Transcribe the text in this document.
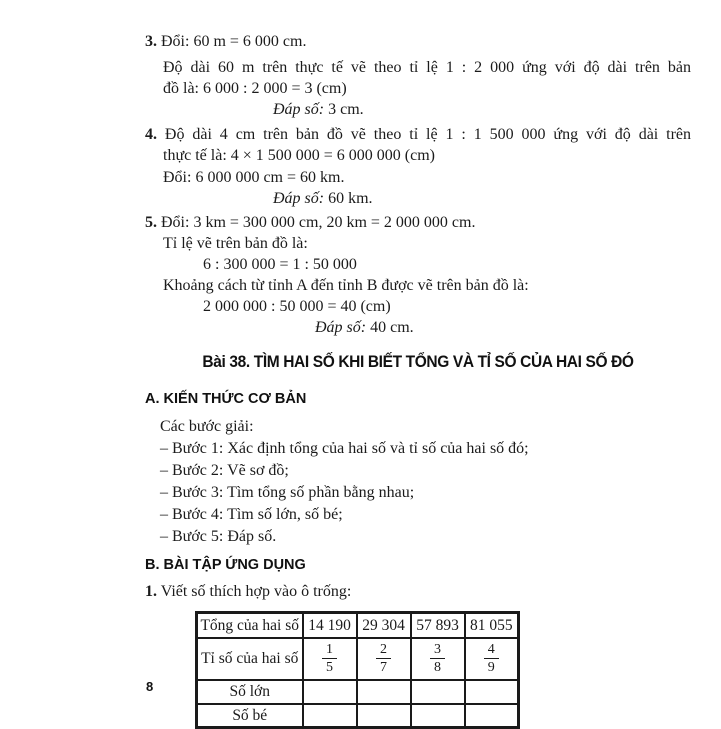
3. Đổi: 60 m = 6 000 cm.
Độ dài 60 m trên thực tế vẽ theo tỉ lệ 1 : 2 000 ứng với độ dài trên bản
đồ là: 6 000 : 2 000 = 3 (cm)
Đáp số: 3 cm.
4. Độ dài 4 cm trên bản đồ vẽ theo tỉ lệ 1 : 1 500 000 ứng với độ dài trên
thực tế là: 4 × 1 500 000 = 6 000 000 (cm)
Đổi: 6 000 000 cm = 60 km.
Đáp số: 60 km.
5. Đổi: 3 km = 300 000 cm, 20 km = 2 000 000 cm.
Tỉ lệ vẽ trên bản đồ là:
6 : 300 000 = 1 : 50 000
Khoảng cách từ tỉnh A đến tỉnh B được vẽ trên bản đồ là:
2 000 000 : 50 000 = 40 (cm)
Đáp số: 40 cm.
Bài 38. TÌM HAI SỐ KHI BIẾT TỔNG VÀ TỈ SỐ CỦA HAI SỐ ĐÓ
A. KIẾN THỨC CƠ BẢN
Các bước giải:
– Bước 1: Xác định tổng của hai số và tỉ số của hai số đó;
– Bước 2: Vẽ sơ đồ;
– Bước 3: Tìm tổng số phần bằng nhau;
– Bước 4: Tìm số lớn, số bé;
– Bước 5: Đáp số.
B. BÀI TẬP ỨNG DỤNG
1. Viết số thích hợp vào ô trống:
Tổng của hai số	14 190	29 304	57 893	81 055
Tỉ số của hai số	$\frac{1}{5}$	$\frac{2}{7}$	$\frac{3}{8}$	$\frac{4}{9}$

Số lớn				
Số bé				
8
